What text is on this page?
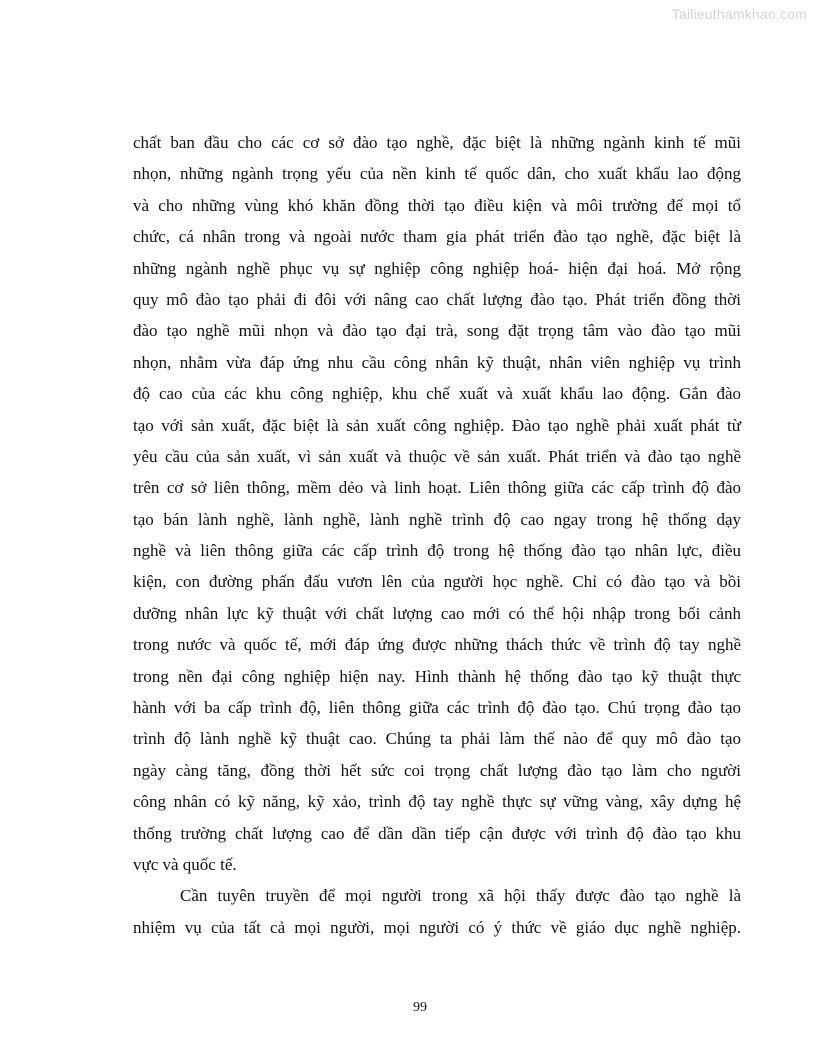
Tailieuthamkhao.com
chất ban đầu cho các cơ sở đào tạo nghề, đặc biệt là những ngành kinh tế mũi
nhọn, những ngành trọng yếu của nền kinh tế quốc dân, cho xuất khẩu lao động
và cho những vùng khó khăn đồng thời tạo điều kiện và môi trường để mọi tổ
chức, cá nhân trong và ngoài nước tham gia phát triển đào tạo nghề, đặc biệt là
những ngành nghề phục vụ sự nghiệp công nghiệp hoá- hiện đại hoá. Mở rộng
quy mô đào tạo phải đi đôi với nâng cao chất lượng đào tạo. Phát triển đồng thời
đào tạo nghề mũi nhọn và đào tạo đại trà, song đặt trọng tâm vào đào tạo mũi
nhọn, nhằm vừa đáp ứng nhu cầu công nhân kỹ thuật, nhân viên nghiệp vụ trình
độ cao của các khu công nghiệp, khu chế xuất và xuất khẩu lao động. Gắn đào
tạo với sản xuất, đặc biệt là sản xuất công nghiệp. Đào tạo nghề phải xuất phát từ
yêu cầu của sản xuất, vì sản xuất và thuộc về sản xuất. Phát triển và đào tạo nghề
trên cơ sở liên thông, mềm dẻo và linh hoạt. Liên thông giữa các cấp trình độ đào
tạo bán lành nghề, lành nghề, lành nghề trình độ cao ngay trong hệ thống dạy
nghề và liên thông giữa các cấp trình độ trong hệ thống đào tạo nhân lực, điều
kiện, con đường phấn đấu vươn lên của người học nghề. Chỉ có đào tạo và bồi
dưỡng nhân lực kỹ thuật với chất lượng cao mới có thể hội nhập trong bối cảnh
trong nước và quốc tế, mới đáp ứng được những thách thức về trình độ tay nghề
trong nền đại công nghiệp hiện nay. Hình thành hệ thống đào tạo kỹ thuật thực
hành với ba cấp trình độ, liên thông giữa các trình độ đào tạo. Chú trọng đào tạo
trình độ lành nghề kỹ thuật cao. Chúng ta phải làm thế nào để quy mô đào tạo
ngày càng tăng, đồng thời hết sức coi trọng chất lượng đào tạo làm cho người
công nhân có kỹ năng, kỹ xảo, trình độ tay nghề thực sự vững vàng, xây dựng hệ
thống trường chất lượng cao để dần dần tiếp cận được với trình độ đào tạo khu
vực và quốc tế.
Cần tuyên truyền để mọi người trong xã hội thấy được đào tạo nghề là
nhiệm vụ của tất cả mọi người, mọi người có ý thức về giáo dục nghề nghiệp.
99
